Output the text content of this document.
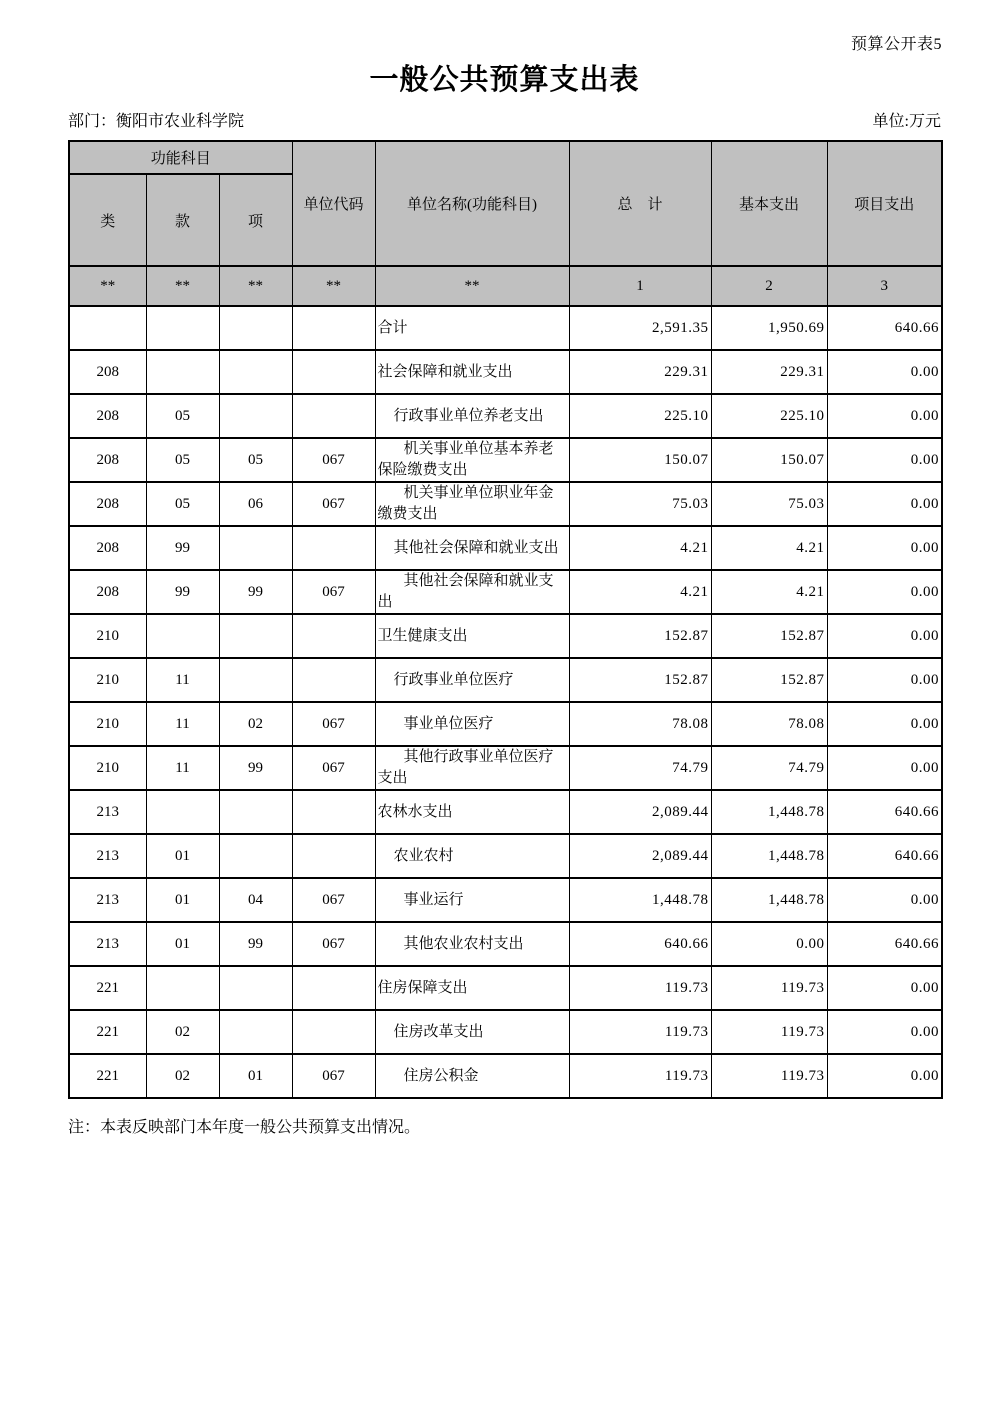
预算公开表5
一般公共预算支出表
部门：衡阳市农业科学院	单位:万元
功能科目			单位代码	单位名称(功能科目)	总　计	基本支出	项目支出
类	款	项					
**	**	**	**	**	1	2	3
				合计	2,591.35	1,950.69	640.66
208				社会保障和就业支出	229.31	229.31	0.00
208	05			行政事业单位养老支出	225.10	225.10	0.00
208	05	05	067	机关事业单位基本养老保险缴费支出	150.07	150.07	0.00
208	05	06	067	机关事业单位职业年金缴费支出	75.03	75.03	0.00
208	99			其他社会保障和就业支出	4.21	4.21	0.00
208	99	99	067	其他社会保障和就业支出	4.21	4.21	0.00
210				卫生健康支出	152.87	152.87	0.00
210	11			行政事业单位医疗	152.87	152.87	0.00
210	11	02	067	事业单位医疗	78.08	78.08	0.00
210	11	99	067	其他行政事业单位医疗支出	74.79	74.79	0.00
213				农林水支出	2,089.44	1,448.78	640.66
213	01			农业农村	2,089.44	1,448.78	640.66
213	01	04	067	事业运行	1,448.78	1,448.78	0.00
213	01	99	067	其他农业农村支出	640.66	0.00	640.66
221				住房保障支出	119.73	119.73	0.00
221	02			住房改革支出	119.73	119.73	0.00
221	02	01	067	住房公积金	119.73	119.73	0.00
注：本表反映部门本年度一般公共预算支出情况。
